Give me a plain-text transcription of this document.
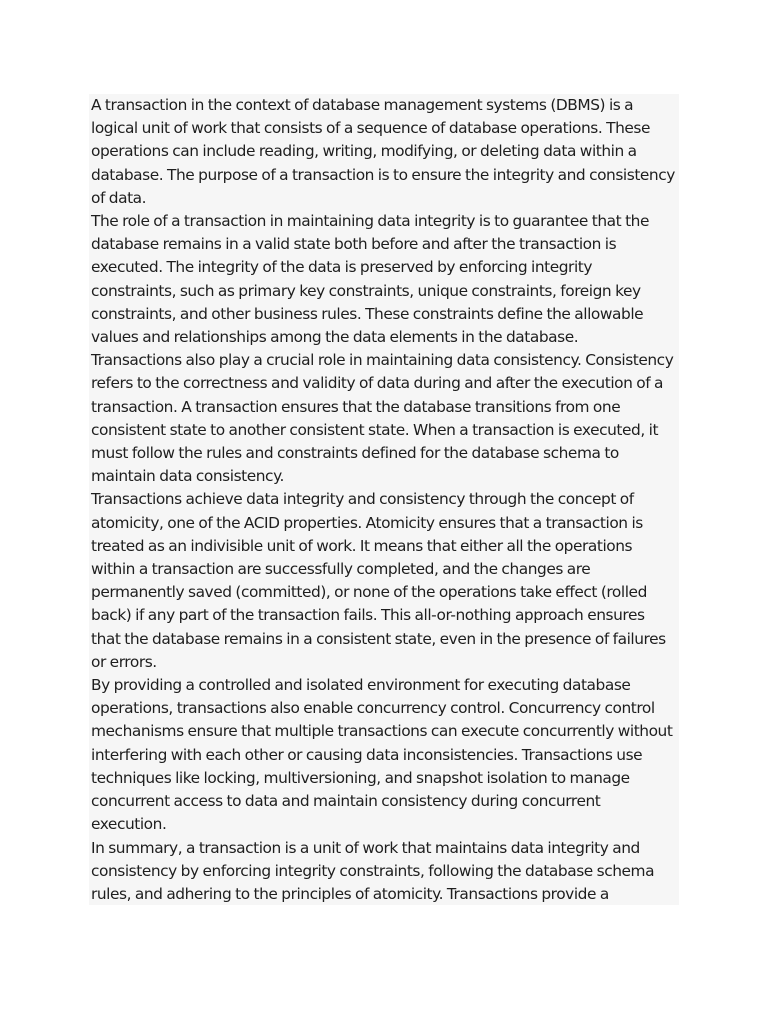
A transaction in the context of database management systems (DBMS) is a logical unit of work that consists of a sequence of database operations. These operations can include reading, writing, modifying, or deleting data within a database. The purpose of a transaction is to ensure the integrity and consistency of data.

The role of a transaction in maintaining data integrity is to guarantee that the database remains in a valid state both before and after the transaction is executed. The integrity of the data is preserved by enforcing integrity constraints, such as primary key constraints, unique constraints, foreign key constraints, and other business rules. These constraints define the allowable values and relationships among the data elements in the database.

Transactions also play a crucial role in maintaining data consistency. Consistency refers to the correctness and validity of data during and after the execution of a transaction. A transaction ensures that the database transitions from one consistent state to another consistent state. When a transaction is executed, it must follow the rules and constraints defined for the database schema to maintain data consistency.

Transactions achieve data integrity and consistency through the concept of atomicity, one of the ACID properties. Atomicity ensures that a transaction is treated as an indivisible unit of work. It means that either all the operations within a transaction are successfully completed, and the changes are permanently saved (committed), or none of the operations take effect (rolled back) if any part of the transaction fails. This all-or-nothing approach ensures that the database remains in a consistent state, even in the presence of failures or errors.

By providing a controlled and isolated environment for executing database operations, transactions also enable concurrency control. Concurrency control mechanisms ensure that multiple transactions can execute concurrently without interfering with each other or causing data inconsistencies. Transactions use techniques like locking, multiversioning, and snapshot isolation to manage concurrent access to data and maintain consistency during concurrent execution.

In summary, a transaction is a unit of work that maintains data integrity and consistency by enforcing integrity constraints, following the database schema rules, and adhering to the principles of atomicity. Transactions provide a
